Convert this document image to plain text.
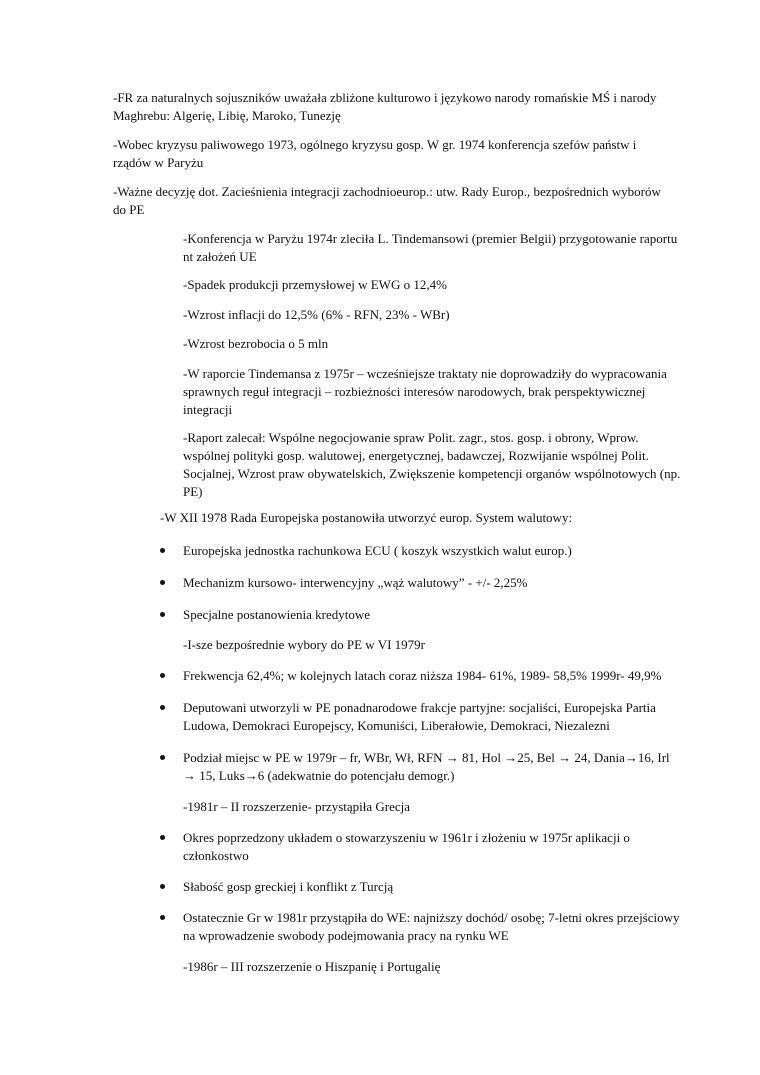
-FR za naturalnych sojuszników uważała zbliżone kulturowo i językowo narody romańskie MŚ i narody Maghrebu: Algerię, Libię, Maroko, Tunezję

-Wobec kryzysu paliwowego 1973, ogólnego kryzysu gosp. W gr. 1974 konferencja szefów państw i rządów w Paryżu

-Ważne decyzję dot. Zacieśnienia integracji zachodnioeurop.: utw. Rady Europ., bezpośrednich wyborów do PE

-Konferencja w Paryżu 1974r zleciła L. Tindemansowi (premier Belgii) przygotowanie raportu nt założeń UE

-Spadek produkcji przemysłowej w EWG o 12,4%

-Wzrost inflacji do 12,5% (6% - RFN, 23% - WBr)

-Wzrost bezrobocia o 5 mln

-W raporcie Tindemansa z 1975r – wcześniejsze traktaty nie doprowadziły do wypracowania sprawnych reguł integracji – rozbieżności interesów narodowych, brak perspektywicznej integracji

-Raport zalecał: Wspólne negocjowanie spraw Polit. zagr., stos. gosp. i obrony, Wprow. wspólnej polityki gosp. walutowej, energetycznej, badawczej, Rozwijanie wspólnej Polit. Socjalnej, Wzrost praw obywatelskich, Zwiększenie kompetencji organów wspólnotowych (np. PE)

-W XII 1978 Rada Europejska postanowiła utworzyć europ. System walutowy:

Europejska jednostka rachunkowa ECU ( koszyk wszystkich walut europ.)
Mechanizm kursowo- interwencyjny „wąż walutowy” - +/- 2,25%
Specjalne postanowienia kredytowe

-I-sze bezpośrednie wybory do PE w VI 1979r

Frekwencja 62,4%; w kolejnych latach coraz niższa 1984- 61%, 1989- 58,5% 1999r- 49,9%
Deputowani utworzyli w PE ponadnarodowe frakcje partyjne: socjaliści, Europejska Partia Ludowa, Demokraci Europejscy, Komuniści, Liberałowie, Demokraci, Niezalezni
Podział miejsc w PE w 1979r – fr, WBr, Wł, RFN → 81, Hol →25, Bel → 24, Dania→16, Irl → 15, Luks→6 (adekwatnie do potencjału demogr.)

-1981r – II rozszerzenie- przystąpiła Grecja

Okres poprzedzony układem o stowarzyszeniu w 1961r i złożeniu w 1975r aplikacji o członkostwo
Słabość gosp greckiej i konflikt z Turcją
Ostatecznie Gr w 1981r przystąpiła do WE: najniższy dochód/ osobę; 7-letni okres przejściowy na wprowadzenie swobody podejmowania pracy na rynku WE

-1986r – III rozszerzenie o Hiszpanię i Portugalię
